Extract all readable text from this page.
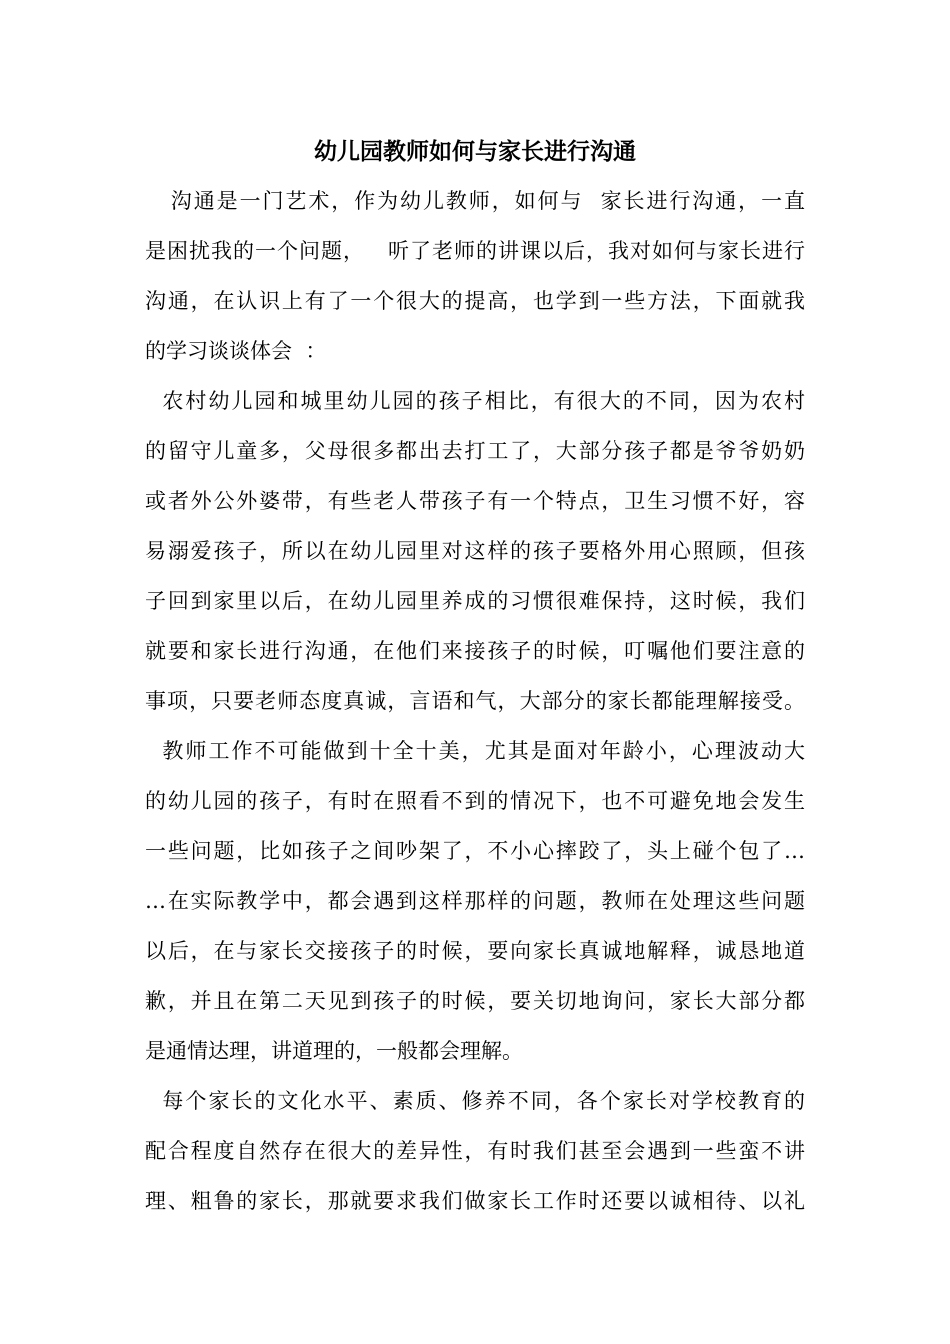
幼儿园教师如何与家长进行沟通

沟通是一门艺术，作为幼儿教师，如何与  家长进行沟通，一直

是困扰我的一个问题，   听了老师的讲课以后，我对如何与家长进行

沟通，在认识上有了一个很大的提高，也学到一些方法，下面就我

的学习谈谈体会  ：

农村幼儿园和城里幼儿园的孩子相比，有很大的不同，因为农村

的留守儿童多，父母很多都出去打工了，大部分孩子都是爷爷奶奶

或者外公外婆带，有些老人带孩子有一个特点，卫生习惯不好，容

易溺爱孩子，所以在幼儿园里对这样的孩子要格外用心照顾，但孩

子回到家里以后，在幼儿园里养成的习惯很难保持，这时候，我们

就要和家长进行沟通，在他们来接孩子的时候，叮嘱他们要注意的

事项，只要老师态度真诚，言语和气，大部分的家长都能理解接受。

教师工作不可能做到十全十美，尤其是面对年龄小，心理波动大

的幼儿园的孩子，有时在照看不到的情况下，也不可避免地会发生

一些问题，比如孩子之间吵架了，不小心摔跤了，头上碰个包了…

…在实际教学中，都会遇到这样那样的问题，教师在处理这些问题

以后，在与家长交接孩子的时候，要向家长真诚地解释，诚恳地道

歉，并且在第二天见到孩子的时候，要关切地询问，家长大部分都

是通情达理，讲道理的，一般都会理解。

每个家长的文化水平、素质、修养不同，各个家长对学校教育的

配合程度自然存在很大的差异性，有时我们甚至会遇到一些蛮不讲

理、粗鲁的家长，那就要求我们做家长工作时还要以诚相待、以礼
